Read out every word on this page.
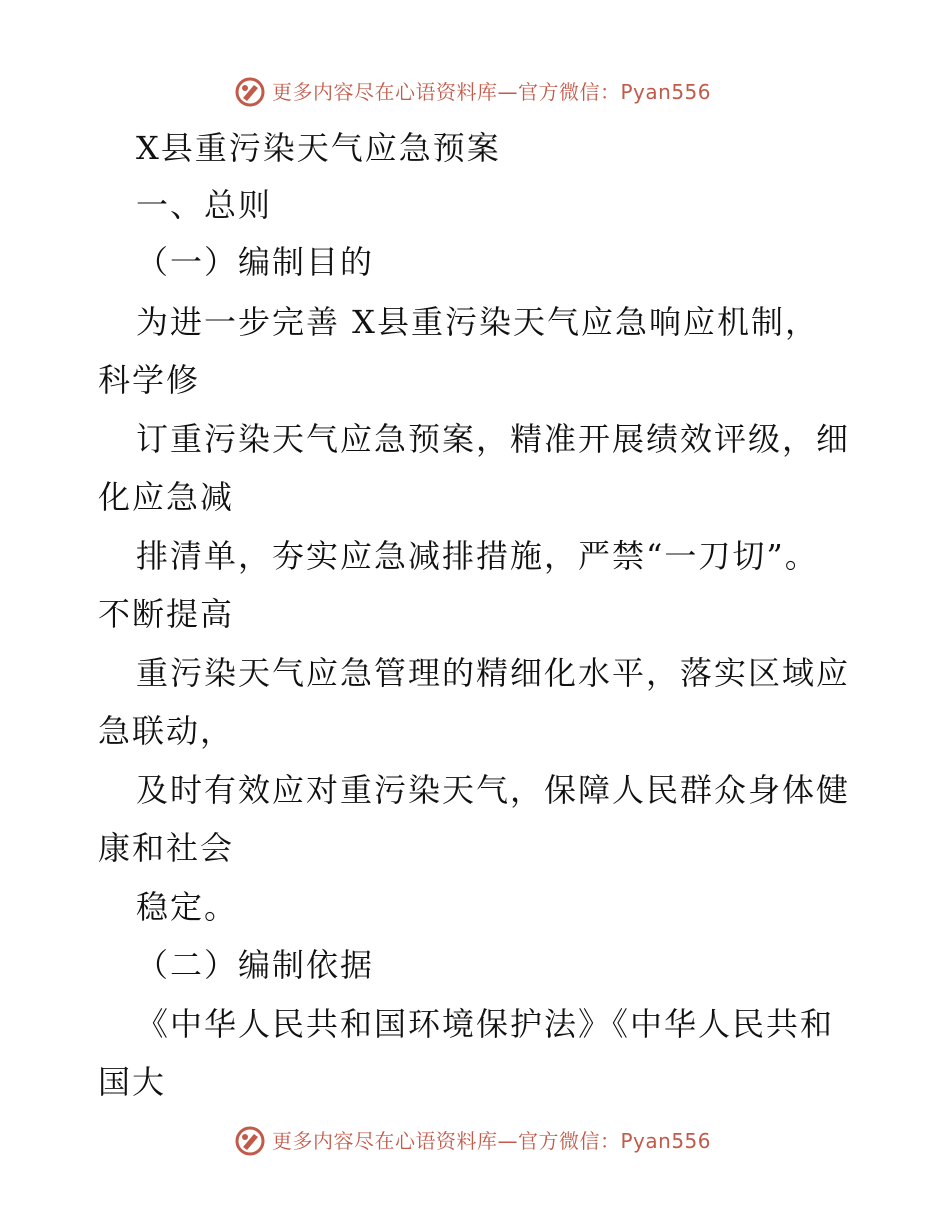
更多内容尽在心语资料库—官方微信：Pyan556
X县重污染天气应急预案
一、总则
（一）编制目的
为进一步完善 X县重污染天气应急响应机制，
科学修
订重污染天气应急预案，精准开展绩效评级，细
化应急减
排清单，夯实应急减排措施，严禁“一刀切”。
不断提高
重污染天气应急管理的精细化水平，落实区域应
急联动，
及时有效应对重污染天气，保障人民群众身体健
康和社会
稳定。
（二）编制依据
《中华人民共和国环境保护法》《中华人民共和
国大
更多内容尽在心语资料库—官方微信：Pyan556
